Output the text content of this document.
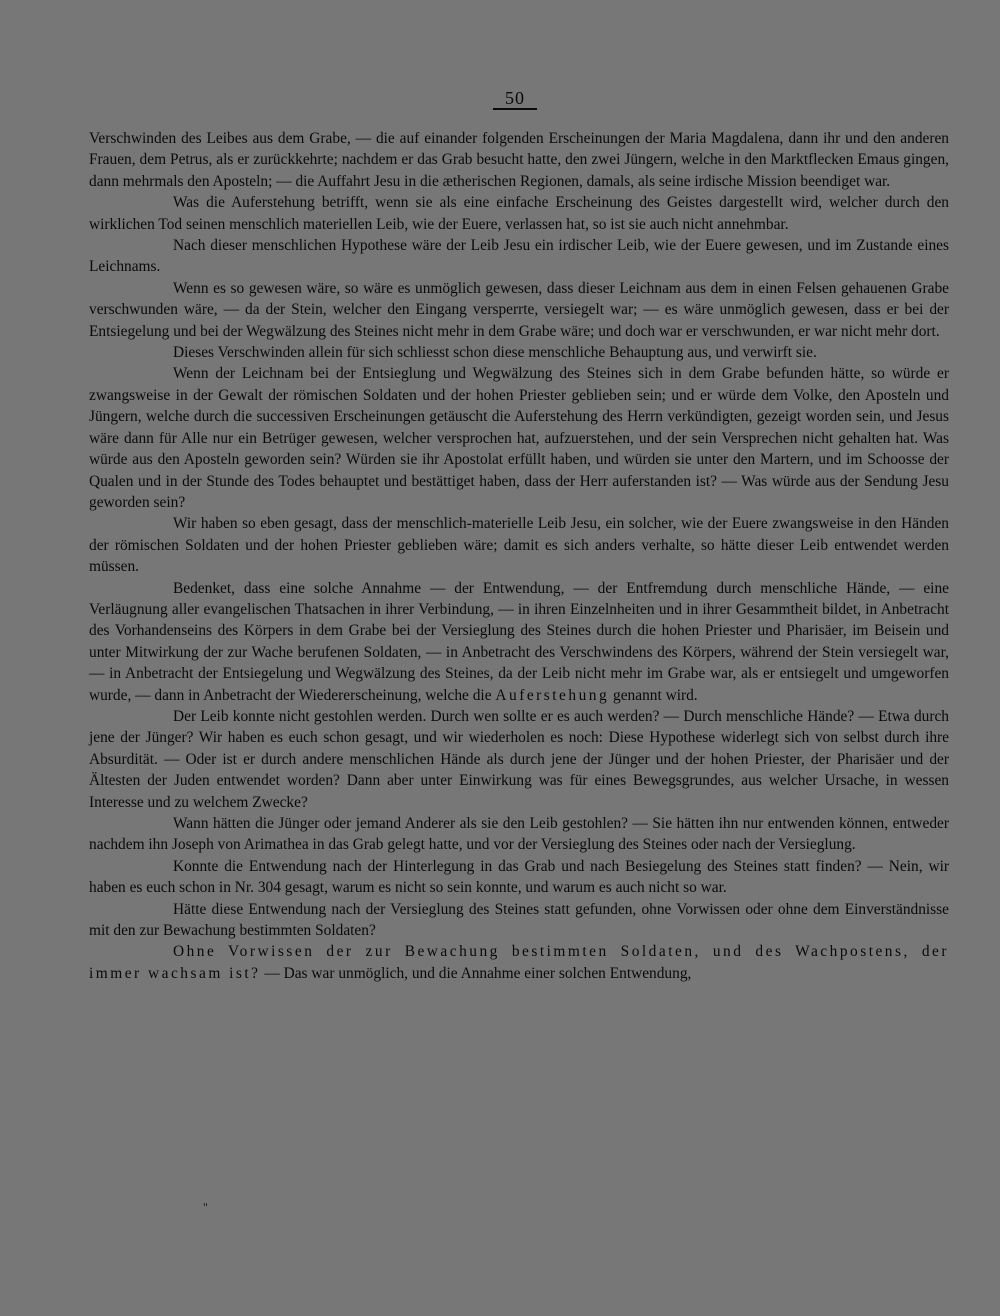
50

Verschwinden des Leibes aus dem Grabe, — die auf einander folgenden Erscheinungen der Maria Magdalena, dann ihr und den anderen Frauen, dem Petrus, als er zurückkehrte; nachdem er das Grab besucht hatte, den zwei Jüngern, welche in den Marktflecken Emaus gingen, dann mehrmals den Aposteln; — die Auffahrt Jesu in die ætherischen Regionen, damals, als seine irdische Mission beendiget war.

Was die Auferstehung betrifft, wenn sie als eine einfache Erscheinung des Geistes dargestellt wird, welcher durch den wirklichen Tod seinen menschlich materiellen Leib, wie der Euere, verlassen hat, so ist sie auch nicht annehmbar.

Nach dieser menschlichen Hypothese wäre der Leib Jesu ein irdischer Leib, wie der Euere gewesen, und im Zustande eines Leichnams.

Wenn es so gewesen wäre, so wäre es unmöglich gewesen, dass dieser Leichnam aus dem in einen Felsen gehauenen Grabe verschwunden wäre, — da der Stein, welcher den Eingang versperrte, versiegelt war; — es wäre unmöglich gewesen, dass er bei der Entsiegelung und bei der Wegwälzung des Steines nicht mehr in dem Grabe wäre; und doch war er verschwunden, er war nicht mehr dort.

Dieses Verschwinden allein für sich schliesst schon diese menschliche Behauptung aus, und verwirft sie.

Wenn der Leichnam bei der Entsieglung und Wegwälzung des Steines sich in dem Grabe befunden hätte, so würde er zwangsweise in der Gewalt der römischen Soldaten und der hohen Priester geblieben sein; und er würde dem Volke, den Aposteln und Jüngern, welche durch die successiven Erscheinungen getäuscht die Auferstehung des Herrn verkündigten, gezeigt worden sein, und Jesus wäre dann für Alle nur ein Betrüger gewesen, welcher versprochen hat, aufzuerstehen, und der sein Versprechen nicht gehalten hat. Was würde aus den Aposteln geworden sein? Würden sie ihr Apostolat erfüllt haben, und würden sie unter den Martern, und im Schoosse der Qualen und in der Stunde des Todes behauptet und bestättiget haben, dass der Herr auferstanden ist? — Was würde aus der Sendung Jesu geworden sein?

Wir haben so eben gesagt, dass der menschlich-materielle Leib Jesu, ein solcher, wie der Euere zwangsweise in den Händen der römischen Soldaten und der hohen Priester geblieben wäre; damit es sich anders verhalte, so hätte dieser Leib entwendet werden müssen.

Bedenket, dass eine solche Annahme — der Entwendung, — der Entfremdung durch menschliche Hände, — eine Verläugnung aller evangelischen Thatsachen in ihrer Verbindung, — in ihren Einzelnheiten und in ihrer Gesammtheit bildet, in Anbetracht des Vorhandenseins des Körpers in dem Grabe bei der Versieglung des Steines durch die hohen Priester und Pharisäer, im Beisein und unter Mitwirkung der zur Wache berufenen Soldaten, — in Anbetracht des Verschwindens des Körpers, während der Stein versiegelt war, — in Anbetracht der Entsiegelung und Wegwälzung des Steines, da der Leib nicht mehr im Grabe war, als er entsiegelt und umgeworfen wurde, — dann in Anbetracht der Wiedererscheinung, welche die Auferstehung genannt wird.

Der Leib konnte nicht gestohlen werden. Durch wen sollte er es auch werden? — Durch menschliche Hände? — Etwa durch jene der Jünger? Wir haben es euch schon gesagt, und wir wiederholen es noch: Diese Hypothese widerlegt sich von selbst durch ihre Absurdität. — Oder ist er durch andere menschlichen Hände als durch jene der Jünger und der hohen Priester, der Pharisäer und der Ältesten der Juden entwendet worden? Dann aber unter Einwirkung was für eines Bewegsgrundes, aus welcher Ursache, in wessen Interesse und zu welchem Zwecke?

Wann hätten die Jünger oder jemand Anderer als sie den Leib gestohlen? — Sie hätten ihn nur entwenden können, entweder nachdem ihn Joseph von Arimathea in das Grab gelegt hatte, und vor der Versieglung des Steines oder nach der Versieglung.

Konnte die Entwendung nach der Hinterlegung in das Grab und nach Besiegelung des Steines statt finden? — Nein, wir haben es euch schon in Nr. 304 gesagt, warum es nicht so sein konnte, und warum es auch nicht so war.

Hätte diese Entwendung nach der Versieglung des Steines statt gefunden, ohne Vorwissen oder ohne dem Einverständnisse mit den zur Bewachung bestimmten Soldaten?

Ohne Vorwissen der zur Bewachung bestimmten Soldaten, und des Wachpostens, der immer wachsam ist? — Das war unmöglich, und die Annahme einer solchen Entwendung,

"
